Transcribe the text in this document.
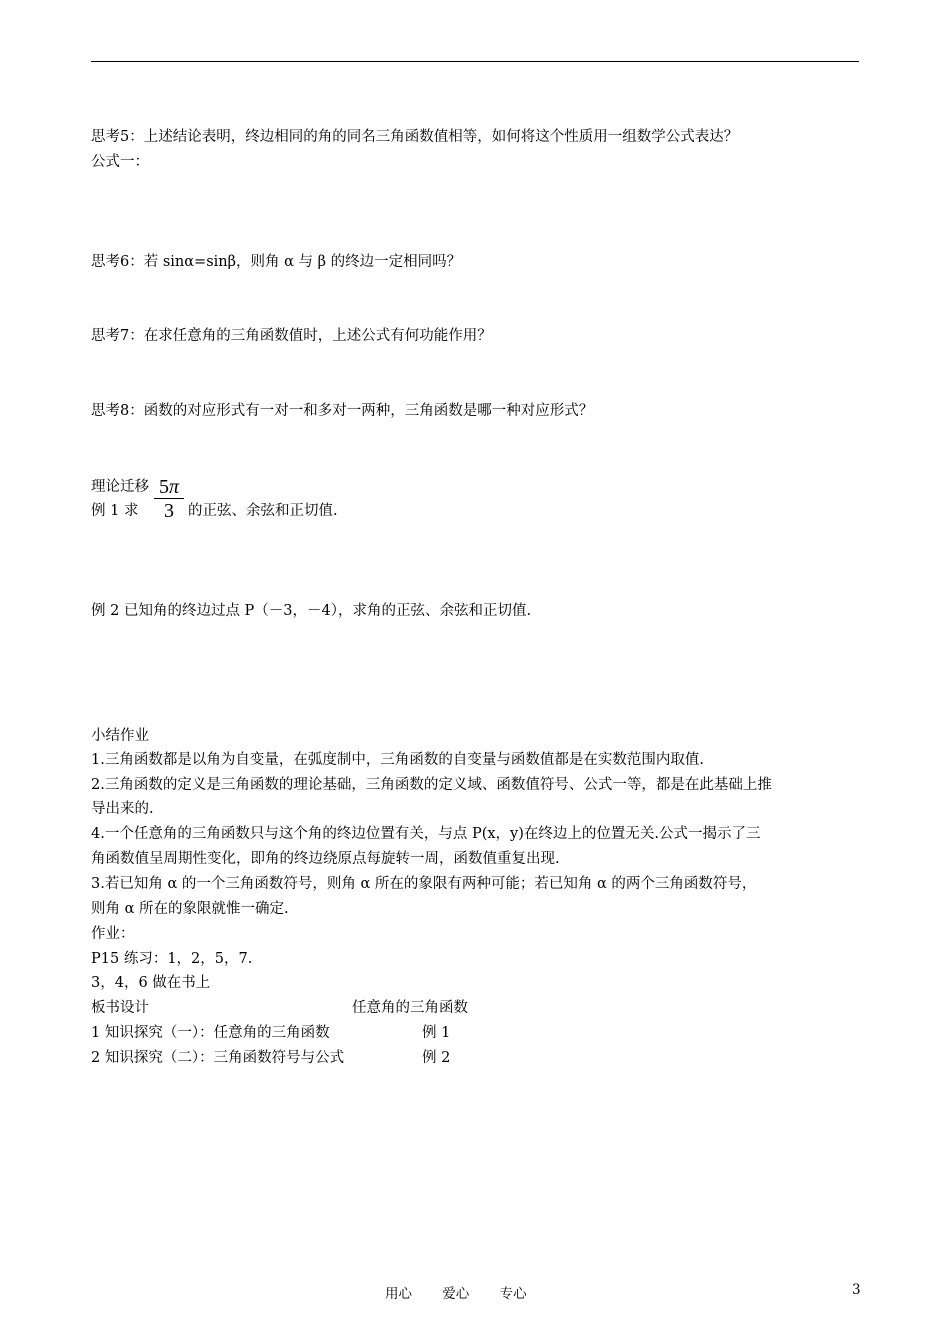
思考5：上述结论表明，终边相同的角的同名三角函数值相等，如何将这个性质用一组数学公式表达？
公式一：
思考6：若 sinα=sinβ，则角 α 与 β 的终边一定相同吗？
思考7：在求任意角的三角函数值时，上述公式有何功能作用？
思考8：函数的对应形式有一对一和多对一两种，三角函数是哪一种对应形式？
理论迁移
例 1 求
5π
3 的正弦、余弦和正切值.
例 2 已知角的终边过点 P（－3，－4），求角的正弦、余弦和正切值.
小结作业
1.三角函数都是以角为自变量，在弧度制中，三角函数的自变量与函数值都是在实数范围内取值.
2.三角函数的定义是三角函数的理论基础，三角函数的定义域、函数值符号、公式一等，都是在此基础上推
导出来的.
4.一个任意角的三角函数只与这个角的终边位置有关，与点 P(x，y)在终边上的位置无关.公式一揭示了三
角函数值呈周期性变化，即角的终边绕原点每旋转一周，函数值重复出现.
3.若已知角 α 的一个三角函数符号，则角 α 所在的象限有两种可能；若已知角 α 的两个三角函数符号，
则角 α 所在的象限就惟一确定.
作业：
P15 练习：1，2，5，7.
3，4，6 做在书上
板书设计	任意角的三角函数
1 知识探究（一）：任意角的三角函数	例 1
2 知识探究（二）：三角函数符号与公式	例 2
用心 爱心 专心	3
